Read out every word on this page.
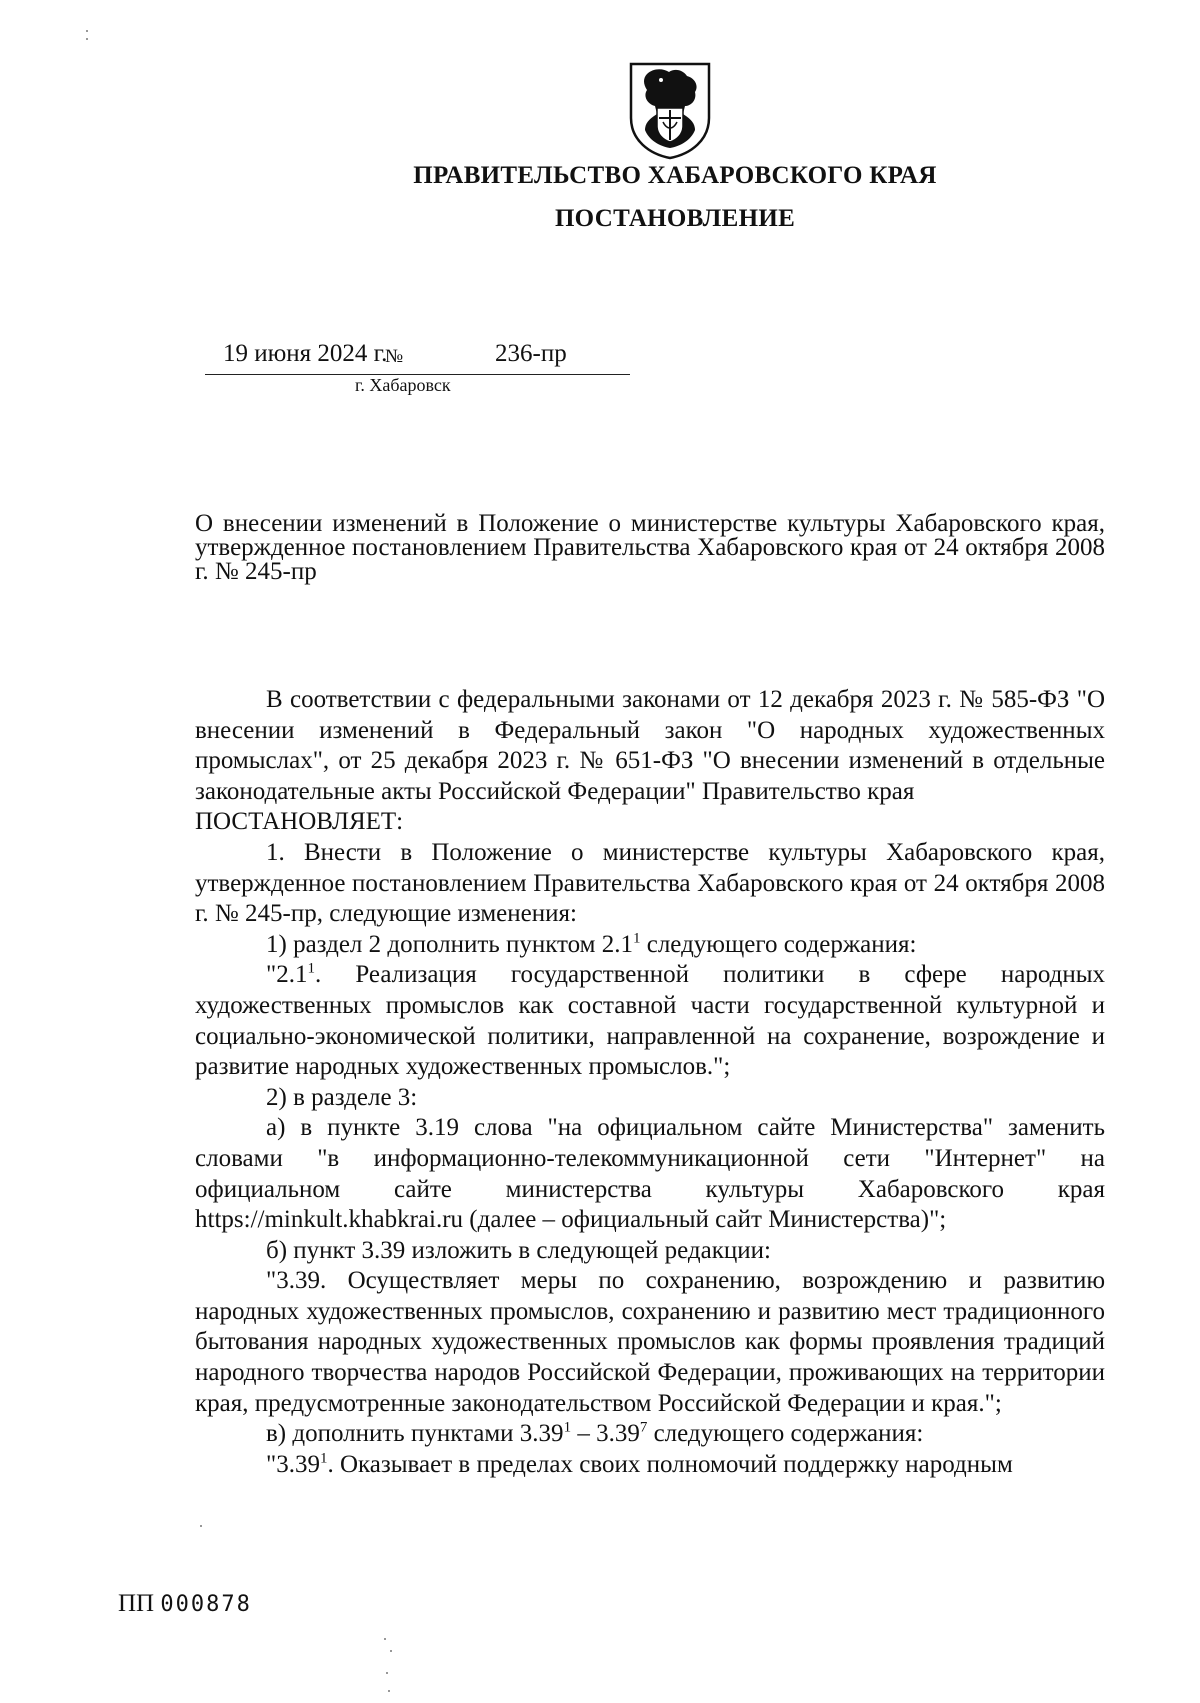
ПРАВИТЕЛЬСТВО ХАБАРОВСКОГО КРАЯ
ПОСТАНОВЛЕНИЕ
19 июня 2024 г.
№	236-пр
г. Хабаровск
О внесении изменений в Положение о министерстве культуры Хабаровского края, утвержденное постановлением Правительства Хабаровского края от 24 октября 2008 г. № 245-пр

В соответствии с федеральными законами от 12 декабря 2023 г. № 585-ФЗ "О внесении изменений в Федеральный закон "О народных художественных промыслах", от 25 декабря 2023 г. № 651-ФЗ "О внесении изменений в отдельные законодательные акты Российской Федерации" Правительство края

ПОСТАНОВЛЯЕТ:

1. Внести в Положение о министерстве культуры Хабаровского края, утвержденное постановлением Правительства Хабаровского края от 24 октября 2008 г. № 245-пр, следующие изменения:

1) раздел 2 дополнить пунктом $2.1^1$ следующего содержания:

"$2.1^1$. Реализация государственной политики в сфере народных художественных промыслов как составной части государственной культурной и социально-экономической политики, направленной на сохранение, возрождение и развитие народных художественных промыслов.";

2) в разделе 3:

а) в пункте 3.19 слова "на официальном сайте Министерства" заменить словами "в информационно-телекоммуникационной сети "Интернет" на официальном сайте министерства культуры Хабаровского края https://minkult.khabkrai.ru (далее – официальный сайт Министерства)";

б) пункт 3.39 изложить в следующей редакции:

"3.39. Осуществляет меры по сохранению, возрождению и развитию народных художественных промыслов, сохранению и развитию мест традиционного бытования народных художественных промыслов как формы проявления традиций народного творчества народов Российской Федерации, проживающих на территории края, предусмотренные законодательством Российской Федерации и края.";

в) дополнить пунктами 3.39$^1$ – 3.39$^7$ следующего содержания:

"3.39$^1$. Оказывает в пределах своих полномочий поддержку народным

ПП 000878
